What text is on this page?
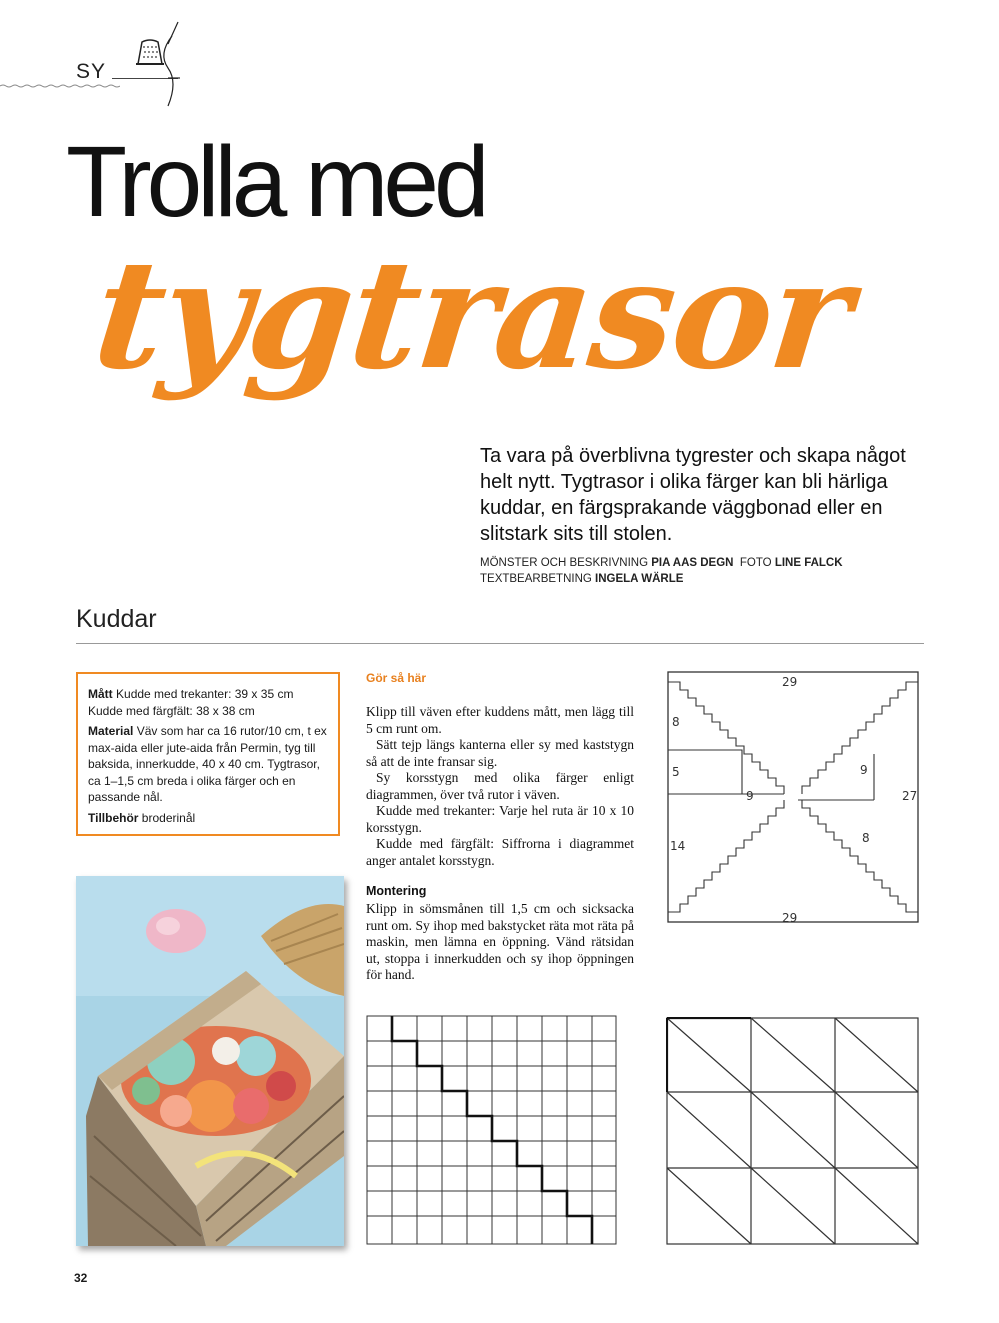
SY
Trolla med
tygtrasor
Ta vara på överblivna tygrester och skapa något helt nytt. Tygtrasor i olika färger kan bli härliga kuddar, en färgsprakande väggbonad eller en slitstark sits till stolen.
MÖNSTER OCH BESKRIVNING PIA AAS DEGN FOTO LINE FALCK
TEXTBEARBETNING INGELA WÄRLE
Kuddar

Mått Kudde med trekanter: 39 x 35 cm
Kudde med färgfält: 38 x 38 cm

Material Väv som har ca 16 rutor/10 cm, t ex max-aida eller jute-aida från Permin, tyg till baksida, innerkudde, 40 x 40 cm. Tygtrasor, ca 1–1,5 cm breda i olika färger och en passande nål.

Tillbehör broderinål

Gör så här

Klipp till väven efter kuddens mått, men lägg till 5 cm runt om.

Sätt tejp längs kanterna eller sy med kaststygn så att de inte fransar sig.

Sy korsstygn med olika färger enligt diagrammen, över två rutor i väven.

Kudde med trekanter: Varje hel ruta är 10 x 10 korsstygn.

Kudde med färgfält: Siffrorna i diagrammet anger antalet korsstygn.

Montering

Klipp in sömsmånen till 1,5 cm och sicksacka runt om. Sy ihop med bakstycket räta mot räta på maskin, men lämna en öppning. Vänd rätsidan ut, stoppa i innerkudden och sy ihop öppningen för hand.

29
29
27
8
5
14
9
9
8
32
